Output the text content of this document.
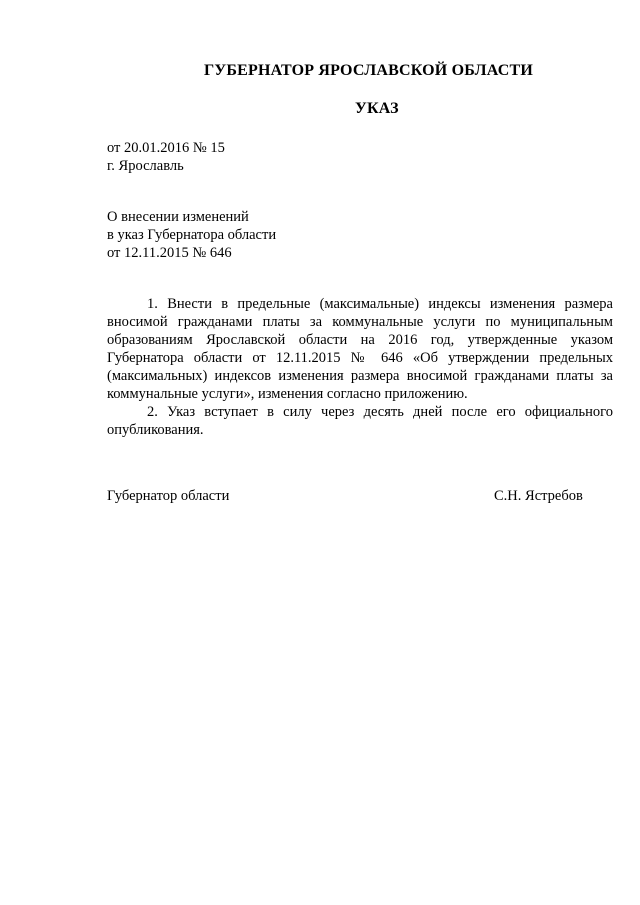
ГУБЕРНАТОР ЯРОСЛАВСКОЙ ОБЛАСТИ
УКАЗ
от 20.01.2016 № 15
г. Ярославль
О внесении изменений
в указ Губернатора области
от 12.11.2015 № 646

1. Внести в предельные (максимальные) индексы изменения размера вносимой гражданами платы за коммунальные услуги по муниципальным образованиям Ярославской области на 2016 год, утвержденные указом Губернатора области от 12.11.2015 № 646 «Об утверждении предельных (максимальных) индексов изменения размера вносимой гражданами платы за коммунальные услуги», изменения согласно приложению.

2. Указ вступает в силу через десять дней после его официального опубликования.

Губернатор области	С.Н. Ястребов
